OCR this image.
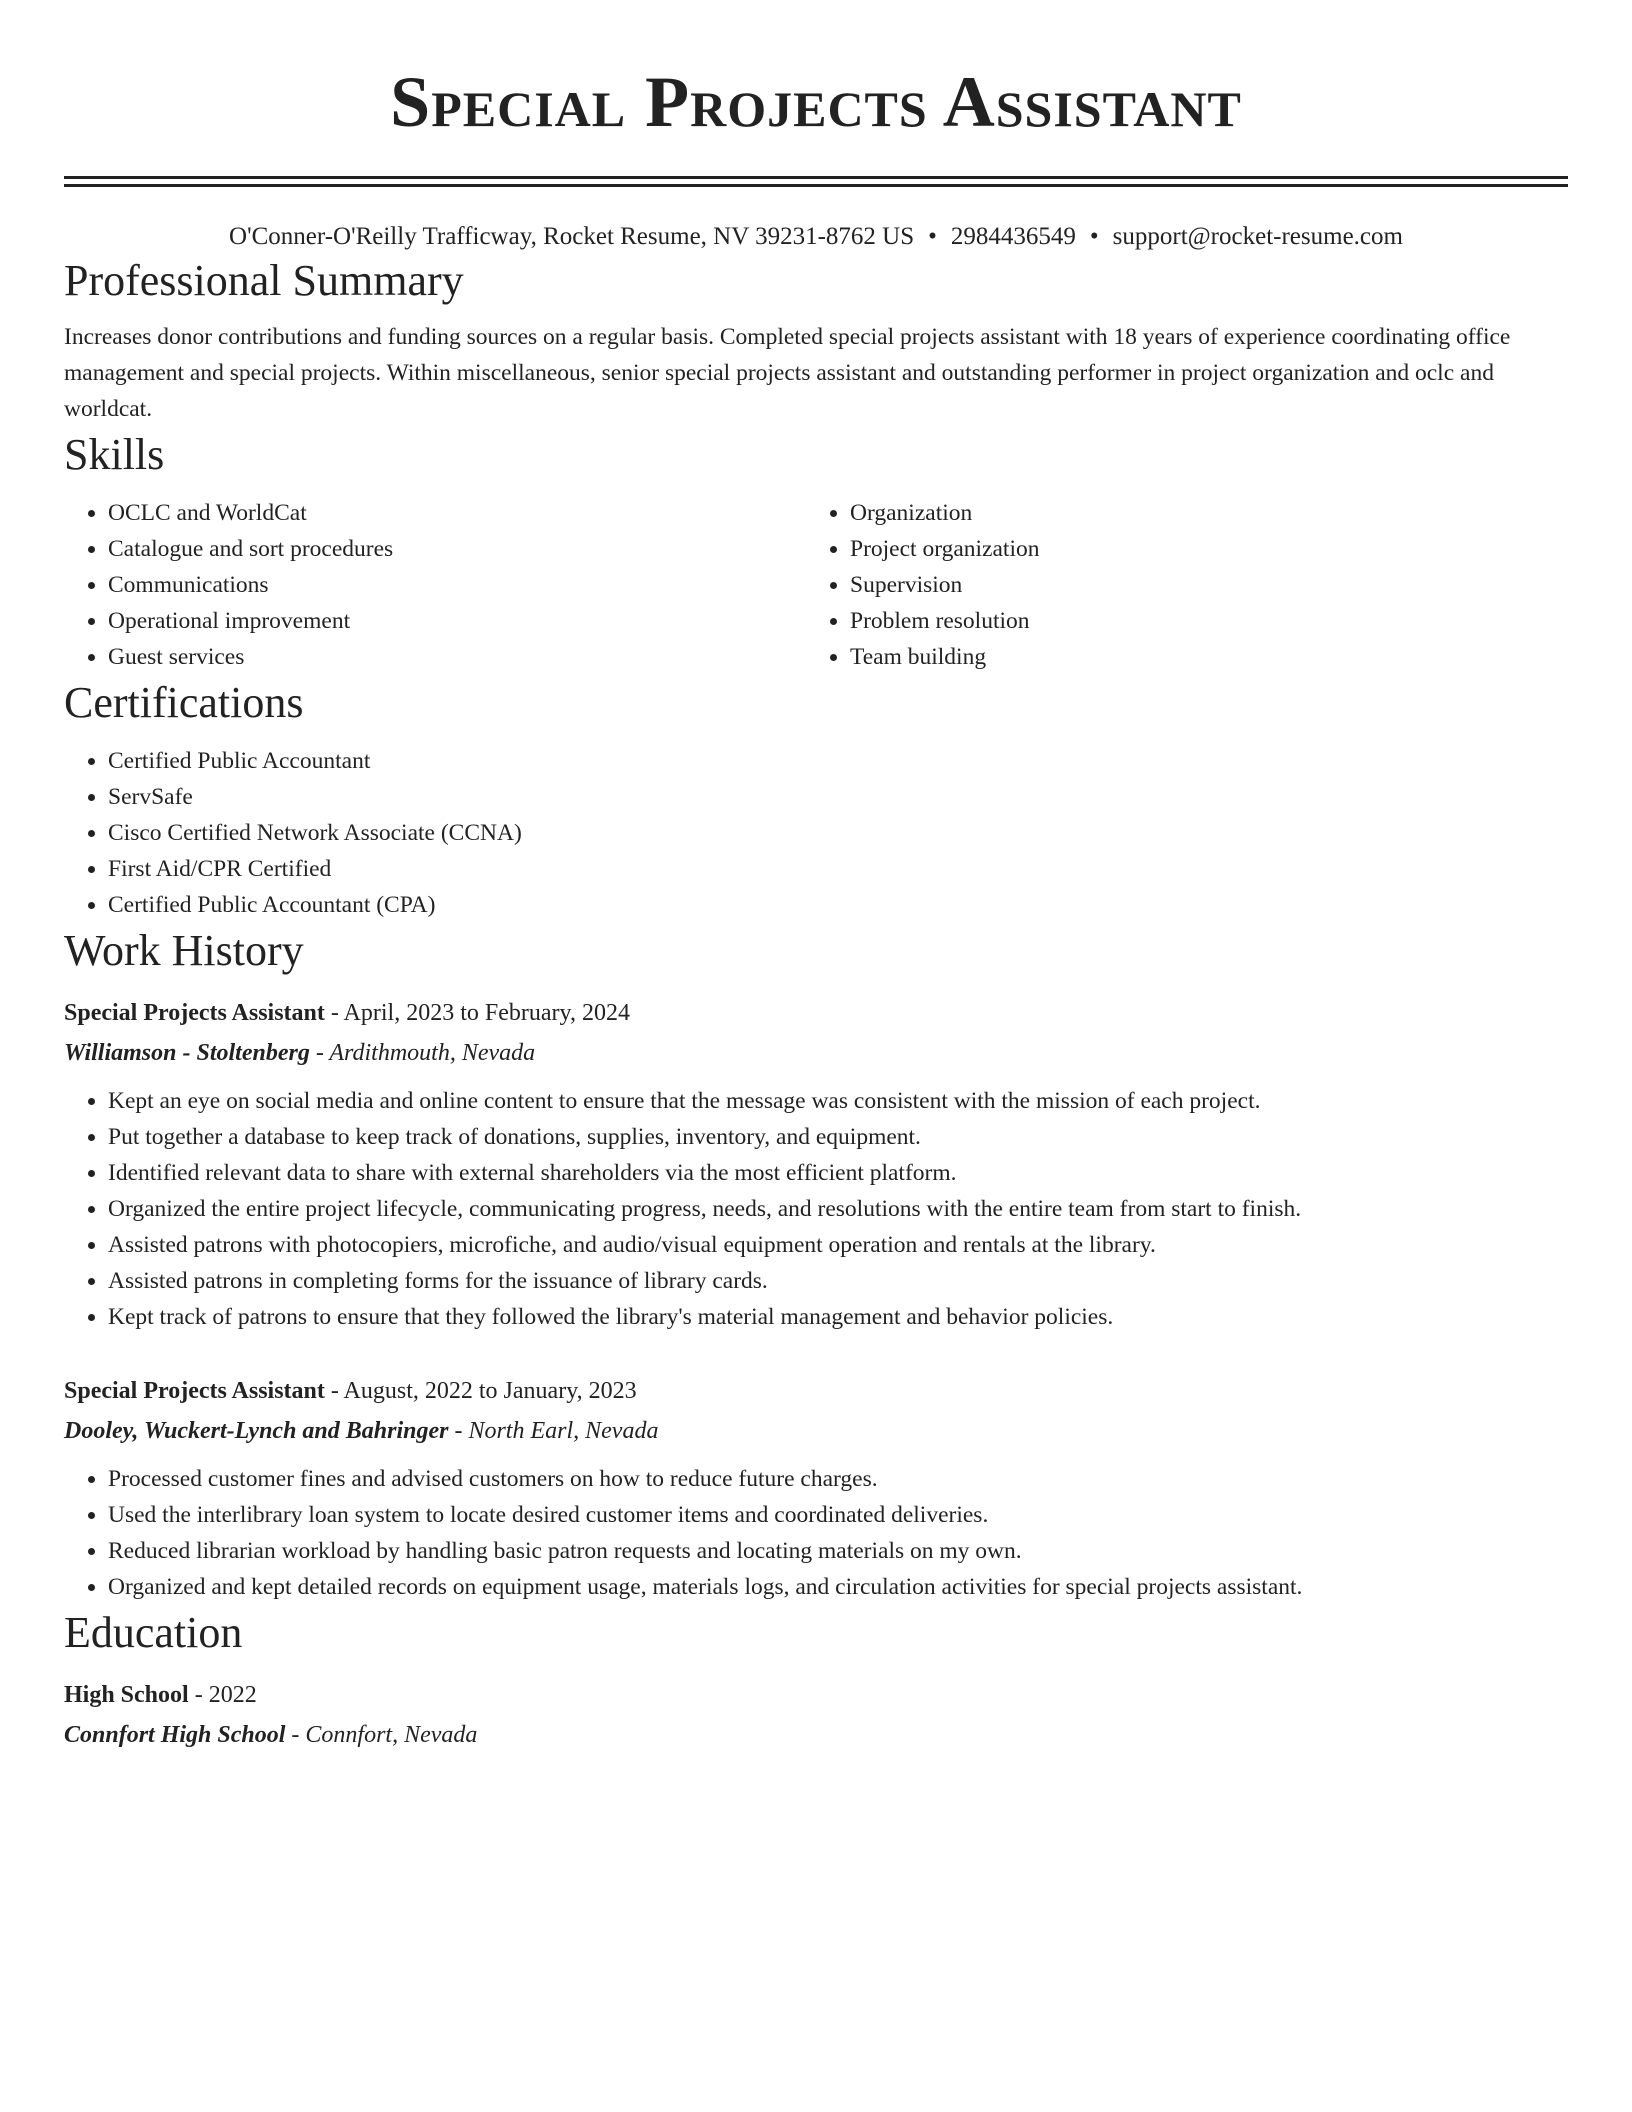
Special Projects Assistant
O'Conner-O'Reilly Trafficway, Rocket Resume, NV 39231-8762 US • 2984436549 • support@rocket-resume.com
Professional Summary
Increases donor contributions and funding sources on a regular basis. Completed special projects assistant with 18 years of experience coordinating office management and special projects. Within miscellaneous, senior special projects assistant and outstanding performer in project organization and oclc and worldcat.
Skills
• OCLC and WorldCat
• Catalogue and sort procedures
• Communications
• Operational improvement
• Guest services
• Organization
• Project organization
• Supervision
• Problem resolution
• Team building
Certifications
• Certified Public Accountant
• ServSafe
• Cisco Certified Network Associate (CCNA)
• First Aid/CPR Certified
• Certified Public Accountant (CPA)
Work History
Special Projects Assistant - April, 2023 to February, 2024
Williamson - Stoltenberg - Ardithmouth, Nevada
• Kept an eye on social media and online content to ensure that the message was consistent with the mission of each project.
• Put together a database to keep track of donations, supplies, inventory, and equipment.
• Identified relevant data to share with external shareholders via the most efficient platform.
• Organized the entire project lifecycle, communicating progress, needs, and resolutions with the entire team from start to finish.
• Assisted patrons with photocopiers, microfiche, and audio/visual equipment operation and rentals at the library.
• Assisted patrons in completing forms for the issuance of library cards.
• Kept track of patrons to ensure that they followed the library's material management and behavior policies.
Special Projects Assistant - August, 2022 to January, 2023
Dooley, Wuckert-Lynch and Bahringer - North Earl, Nevada
• Processed customer fines and advised customers on how to reduce future charges.
• Used the interlibrary loan system to locate desired customer items and coordinated deliveries.
• Reduced librarian workload by handling basic patron requests and locating materials on my own.
• Organized and kept detailed records on equipment usage, materials logs, and circulation activities for special projects assistant.
Education
High School - 2022
Connfort High School - Connfort, Nevada
